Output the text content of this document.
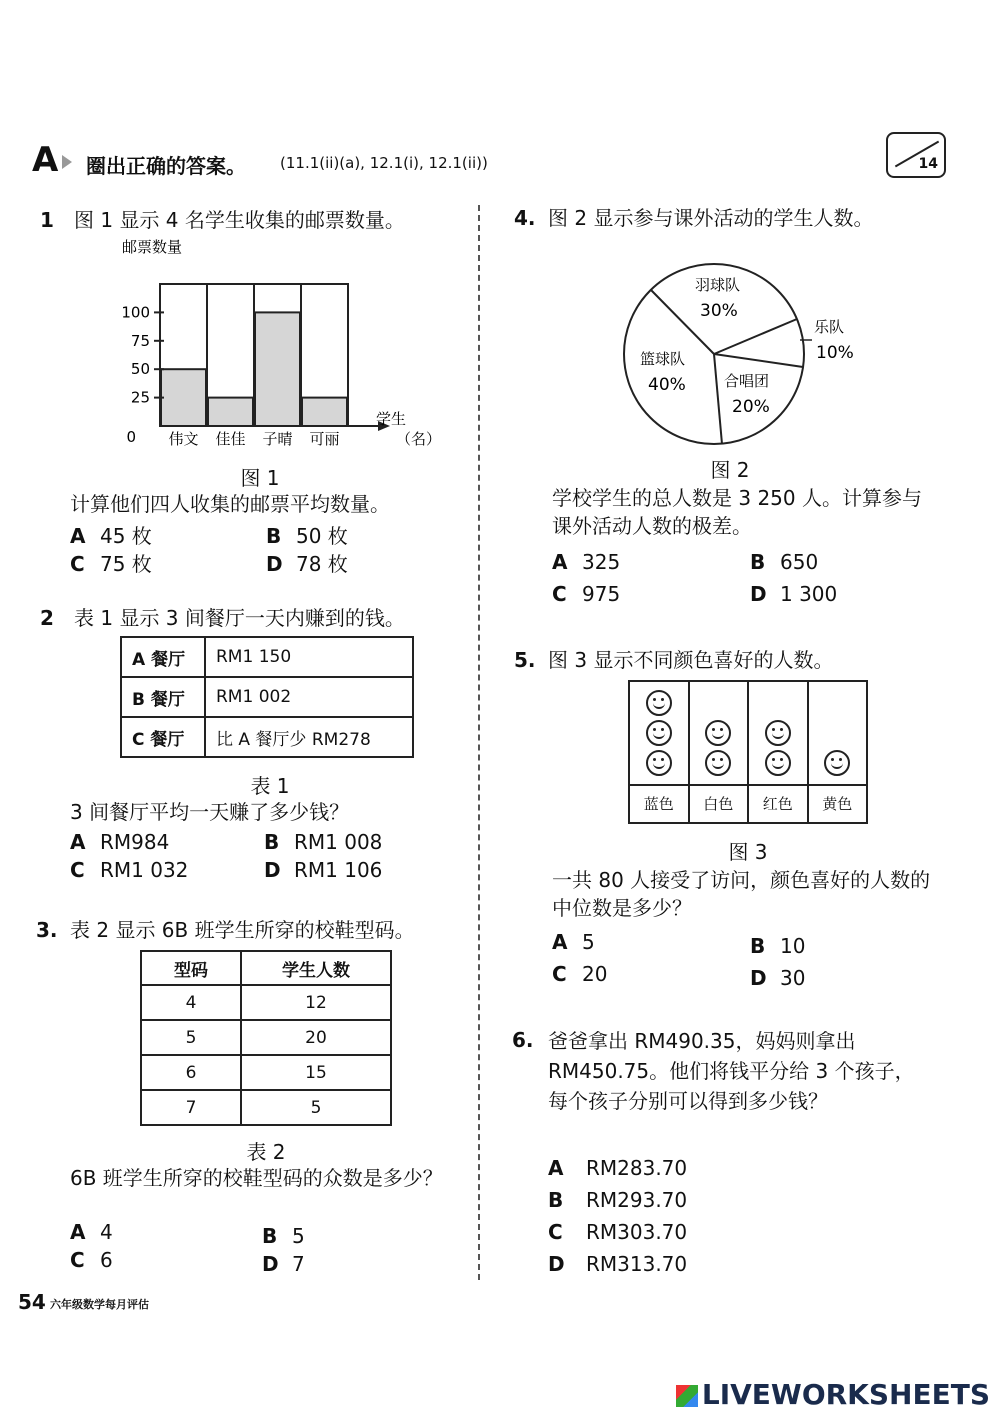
A	圈出正确的答案。 (11.1(ii)(a), 12.1(i), 12.1(ii))	14
1 图 1 显示 4 名学生收集的邮票数量。
邮票数量
0
25
50
75
100
伟文 佳佳 子晴 可丽
学生
（名）
图 1
计算他们四人收集的邮票平均数量。
A 45 枚	B 50 枚
C 75 枚	D 78 枚
2 表 1 显示 3 间餐厅一天内赚到的钱。
A 餐厅	RM1 150
B 餐厅	RM1 002
C 餐厅	比 A 餐厅少 RM278
表 1
3 间餐厅平均一天赚了多少钱？
A RM984	B RM1 008
C RM1 032	D RM1 106
3. 表 2 显示 6B 班学生所穿的校鞋型码。
型码	学生人数
4	12
5	20
6	15
7	5
表 2
6B 班学生所穿的校鞋型码的众数是多少？
A 4	B 5
C 6	D 7
4. 图 2 显示参与课外活动的学生人数。
羽球队
30%
乐队
10%
合唱团
20%
篮球队
40%
图 2
学校学生的总人数是 3 250 人。计算参与课外活动人数的极差。
A 325	B 650
C 975	D 1 300
5. 图 3 显示不同颜色喜好的人数。
蓝色	白色	红色	黄色
图 3
一共 80 人接受了访问，颜色喜好的人数的中位数是多少？
A 5	B 10
C 20	D 30
6. 爸爸拿出 RM490.35，妈妈则拿出 RM450.75。他们将钱平分给 3 个孩子，每个孩子分别可以得到多少钱？
A RM283.70
B RM293.70
C RM303.70
D RM313.70
54 六年级数学每月评估
LIVEWORKSHEETS
